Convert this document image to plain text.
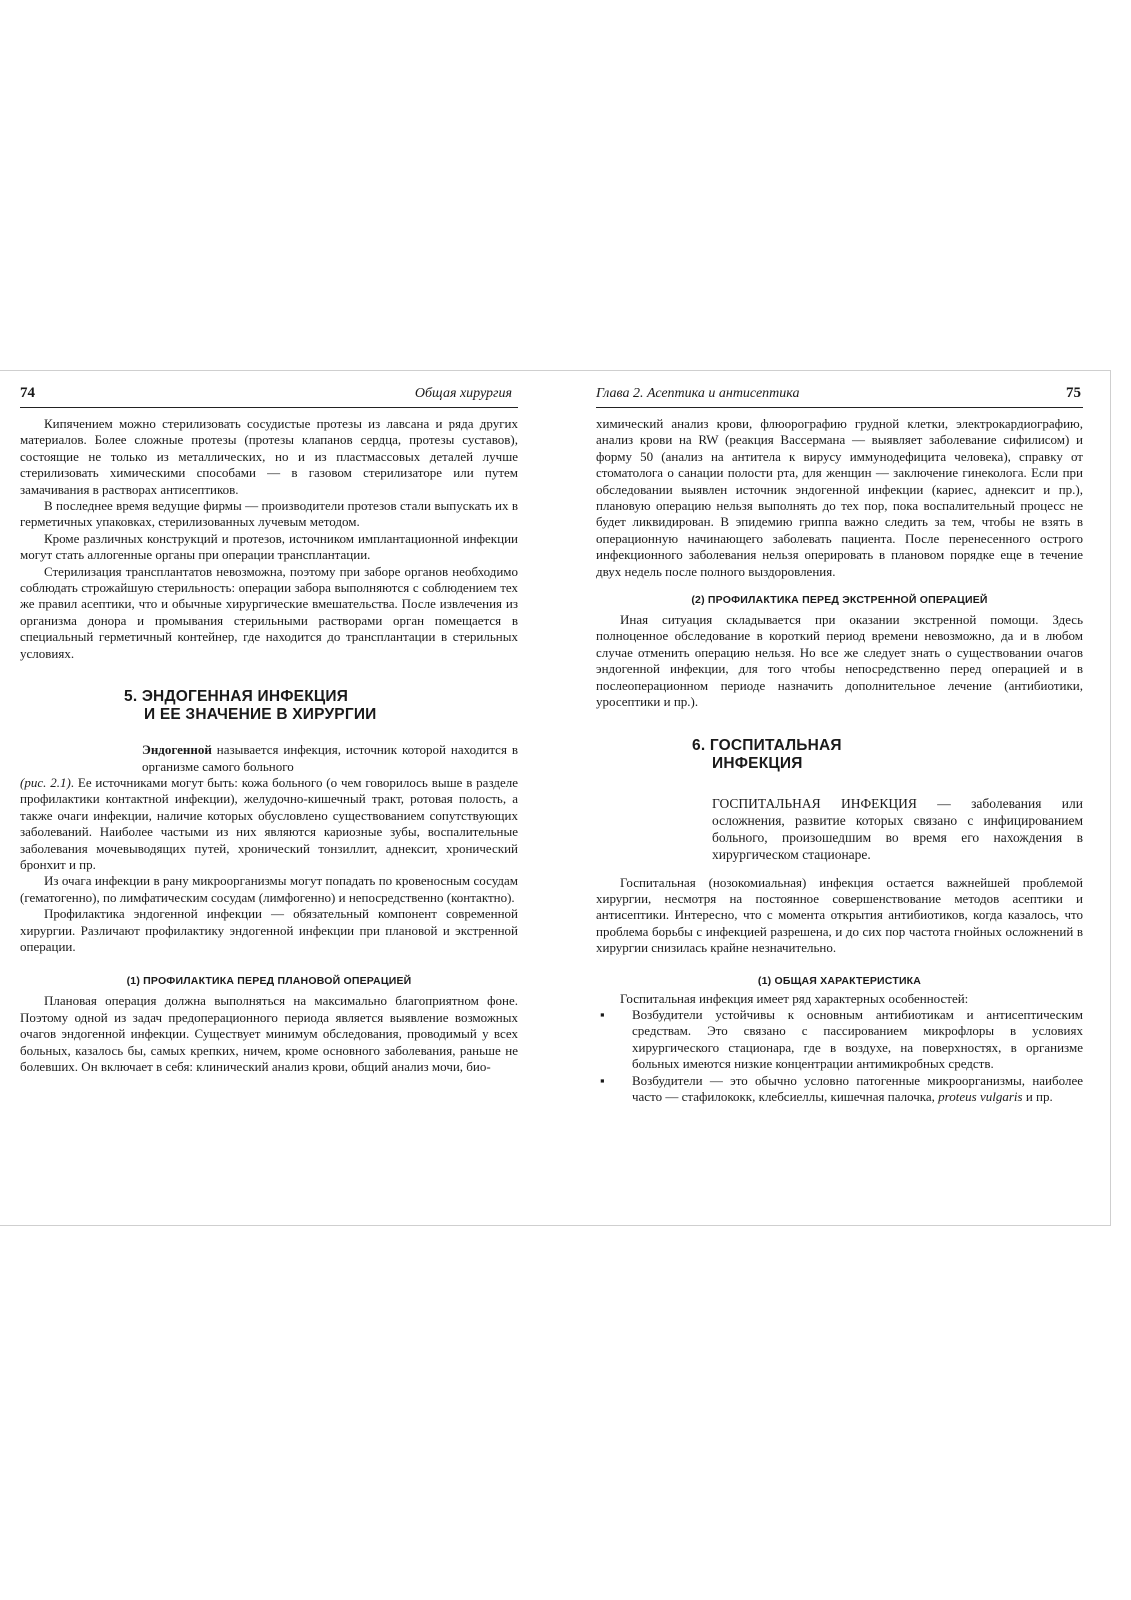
74	Общая хирургия

Кипячением можно стерилизовать сосудистые протезы из лавсана и ряда других материалов. Более сложные протезы (протезы клапанов сердца, протезы суставов), состоящие не только из металлических, но и из пластмассовых деталей лучше стерилизовать химическими способами — в газовом стерилизаторе или путем замачивания в растворах антисептиков.

В последнее время ведущие фирмы — производители протезов стали выпускать их в герметичных упаковках, стерилизованных лучевым методом.

Кроме различных конструкций и протезов, источником имплантационной инфекции могут стать аллогенные органы при операции трансплантации.

Стерилизация трансплантатов невозможна, поэтому при заборе органов необходимо соблюдать строжайшую стерильность: операции забора выполняются с соблюдением тех же правил асептики, что и обычные хирургические вмешательства. После извлечения из организма донора и промывания стерильными растворами орган помещается в специальный герметичный контейнер, где находится до трансплантации в стерильных условиях.

5. ЭНДОГЕННАЯ ИНФЕКЦИЯ
И ЕЕ ЗНАЧЕНИЕ В ХИРУРГИИ

Эндогенной называется инфекция, источник которой находится в организме самого больного

(рис. 2.1). Ее источниками могут быть: кожа больного (о чем говорилось выше в разделе профилактики контактной инфекции), желудочно-кишечный тракт, ротовая полость, а также очаги инфекции, наличие которых обусловлено существованием сопутствующих заболеваний. Наиболее частыми из них являются кариозные зубы, воспалительные заболевания мочевыводящих путей, хронический тонзиллит, аднексит, хронический бронхит и пр.

Из очага инфекции в рану микроорганизмы могут попадать по кровеносным сосудам (гематогенно), по лимфатическим сосудам (лимфогенно) и непосредственно (контактно).

Профилактика эндогенной инфекции — обязательный компонент современной хирургии. Различают профилактику эндогенной инфекции при плановой и экстренной операции.

(1) ПРОФИЛАКТИКА ПЕРЕД ПЛАНОВОЙ ОПЕРАЦИЕЙ

Плановая операция должна выполняться на максимально благоприятном фоне. Поэтому одной из задач предоперационного периода является выявление возможных очагов эндогенной инфекции. Существует минимум обследования, проводимый у всех больных, казалось бы, самых крепких, ничем, кроме основного заболевания, раньше не болевших. Он включает в себя: клинический анализ крови, общий анализ мочи, био-

Глава 2. Асептика и антисептика	75

химический анализ крови, флюорографию грудной клетки, электрокардиографию, анализ крови на RW (реакция Вассермана — выявляет заболевание сифилисом) и форму 50 (анализ на антитела к вирусу иммунодефицита человека), справку от стоматолога о санации полости рта, для женщин — заключение гинеколога. Если при обследовании выявлен источник эндогенной инфекции (кариес, аднексит и пр.), плановую операцию нельзя выполнять до тех пор, пока воспалительный процесс не будет ликвидирован. В эпидемию гриппа важно следить за тем, чтобы не взять в операционную начинающего заболевать пациента. После перенесенного острого инфекционного заболевания нельзя оперировать в плановом порядке еще в течение двух недель после полного выздоровления.

(2) ПРОФИЛАКТИКА ПЕРЕД ЭКСТРЕННОЙ ОПЕРАЦИЕЙ

Иная ситуация складывается при оказании экстренной помощи. Здесь полноценное обследование в короткий период времени невозможно, да и в любом случае отменить операцию нельзя. Но все же следует знать о существовании очагов эндогенной инфекции, для того чтобы непосредственно перед операцией и в послеоперационном периоде назначить дополнительное лечение (антибиотики, уросептики и пр.).

6. ГОСПИТАЛЬНАЯ
ИНФЕКЦИЯ
ГОСПИТАЛЬНАЯ ИНФЕКЦИЯ — заболевания или осложнения, развитие которых связано с инфицированием больного, произошедшим во время его нахождения в хирургическом стационаре.

Госпитальная (нозокомиальная) инфекция остается важнейшей проблемой хирургии, несмотря на постоянное совершенствование методов асептики и антисептики. Интересно, что с момента открытия антибиотиков, когда казалось, что проблема борьбы с инфекцией разрешена, и до сих пор частота гнойных осложнений в хирургии снизилась крайне незначительно.

(1) ОБЩАЯ ХАРАКТЕРИСТИКА

Госпитальная инфекция имеет ряд характерных особенностей:

▪ Возбудители устойчивы к основным антибиотикам и антисептическим средствам. Это связано с пассированием микрофлоры в условиях хирургического стационара, где в воздухе, на поверхностях, в организме больных имеются низкие концентрации антимикробных средств.
▪ Возбудители — это обычно условно патогенные микроорганизмы, наиболее часто — стафилококк, клебсиеллы, кишечная палочка, proteus vulgaris и пр.
